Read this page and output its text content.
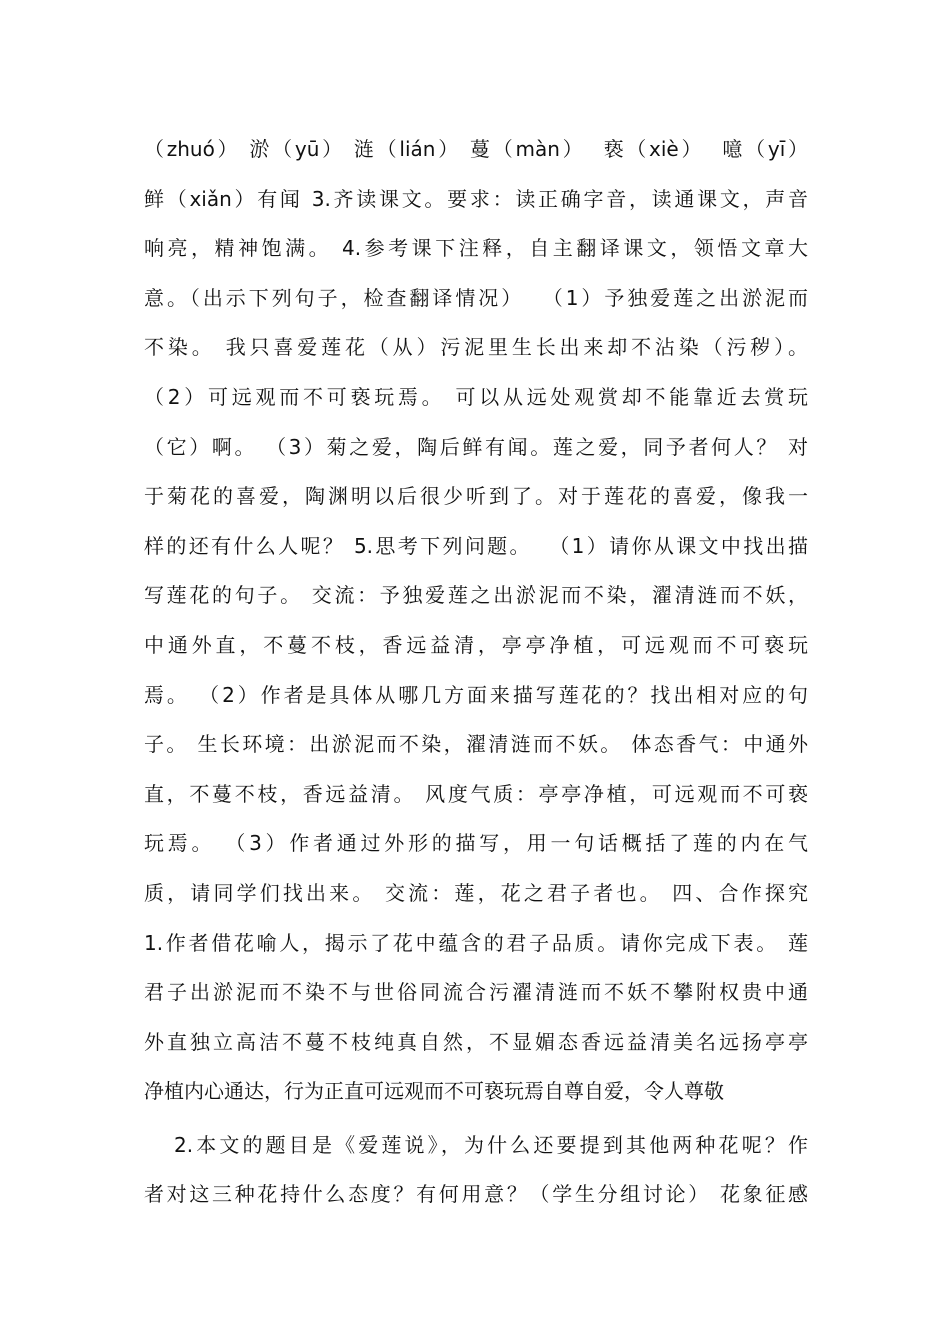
（zhuó） 淤（yū） 涟（lián） 蔓（màn）  亵（xiè）  噫（yī）
鲜（xiǎn）有闻 3.齐读课文。要求：读正确字音，读通课文，声音
响亮，精神饱满。 4.参考课下注释，自主翻译课文，领悟文章大
意。（出示下列句子，检查翻译情况）  （1）予独爱莲之出淤泥而
不染。 我只喜爱莲花（从）污泥里生长出来却不沾染（污秽）。
（2）可远观而不可亵玩焉。 可以从远处观赏却不能靠近去赏玩
（它）啊。 （3）菊之爱，陶后鲜有闻。莲之爱，同予者何人？ 对
于菊花的喜爱，陶渊明以后很少听到了。对于莲花的喜爱，像我一
样的还有什么人呢？ 5.思考下列问题。  （1）请你从课文中找出描
写莲花的句子。 交流：予独爱莲之出淤泥而不染，濯清涟而不妖，
中通外直，不蔓不枝，香远益清，亭亭净植，可远观而不可亵玩
焉。 （2）作者是具体从哪几方面来描写莲花的？找出相对应的句
子。 生长环境：出淤泥而不染，濯清涟而不妖。 体态香气：中通外
直，不蔓不枝，香远益清。 风度气质：亭亭净植，可远观而不可亵
玩焉。 （3）作者通过外形的描写，用一句话概括了莲的内在气
质，请同学们找出来。 交流：莲，花之君子者也。 四、合作探究
1.作者借花喻人，揭示了花中蕴含的君子品质。请你完成下表。 莲
君子出淤泥而不染不与世俗同流合污濯清涟而不妖不攀附权贵中通
外直独立高洁不蔓不枝纯真自然，不显媚态香远益清美名远扬亭亭
净植内心通达，行为正直可远观而不可亵玩焉自尊自爱，令人尊敬
2.本文的题目是《爱莲说》，为什么还要提到其他两种花呢？作
者对这三种花持什么态度？有何用意？（学生分组讨论） 花象征感
